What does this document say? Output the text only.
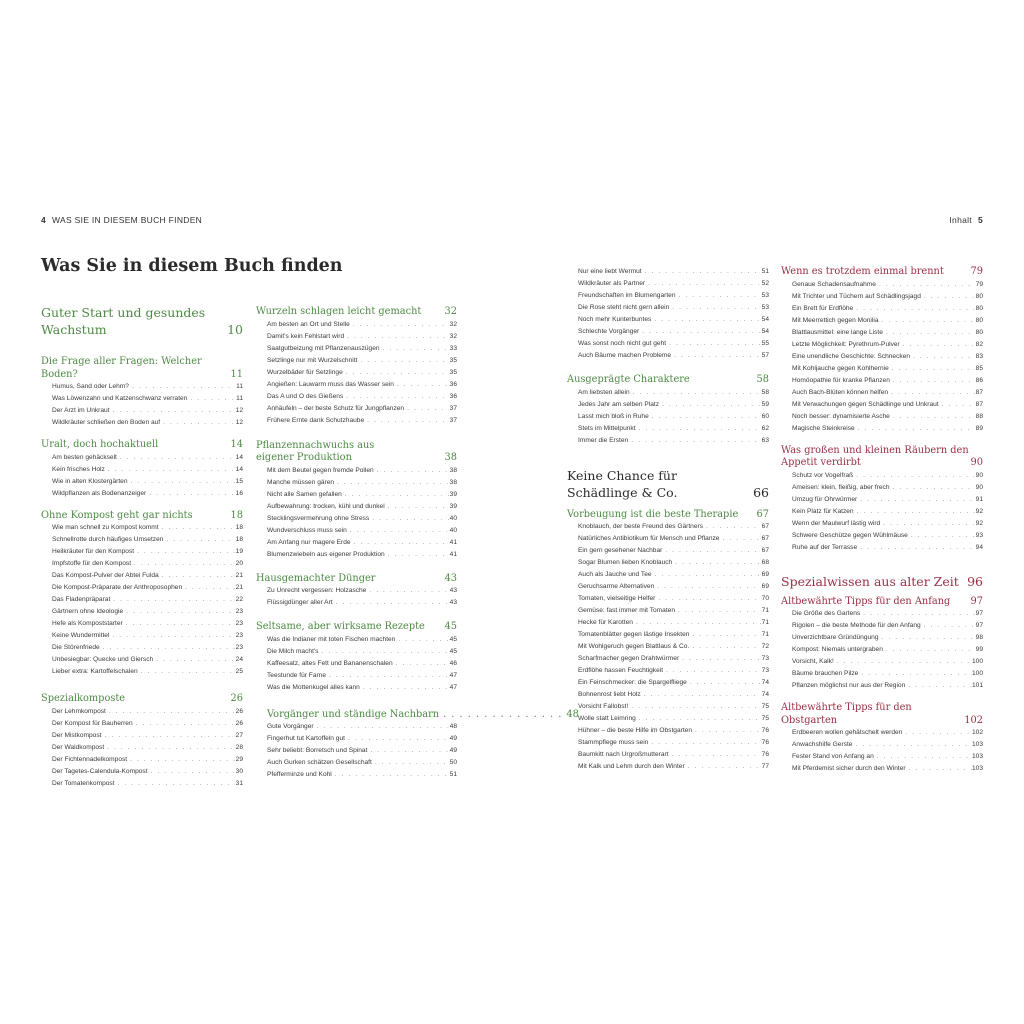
4 WAS SIE IN DIESEM BUCH FINDEN	Inhalt 5
Was Sie in diesem Buch finden
Guter Start und gesundes Wachstum	10
Die Frage aller Fragen: Welcher Boden?	11
Humus, Sand oder Lehm? . . .	11
Was Löwenzahn und Katzenschwanz verraten . . .	11
Der Arzt im Unkraut . . .	12
Wildkräuter schließen den Boden auf . . .	12
Uralt, doch hochaktuell	14
Am besten gehäckselt . . .	14
Kein frisches Holz . . .	14
Wie in alten Klostergärten . . .	15
Wildpflanzen als Bodenanzeiger . . .	16
Ohne Kompost geht gar nichts	18
Wie man schnell zu Kompost kommt . . .	18
Schnellrotte durch häufiges Umsetzen . . .	18
Heilkräuter für den Kompost . . .	19
Impfstoffe für den Kompost . . .	20
Das Kompost-Pulver der Abtei Fulda . . .	21
Die Kompost-Präparate der Anthroposophen . . .	21
Das Fladenpräparat . . .	22
Gärtnern ohne Ideologie . . .	23
Hefe als Kompoststarter . . .	23
Keine Wundermittel . . .	23
Die Störenfriede . . .	23
Unbesiegbar: Quecke und Giersch . . .	24
Lieber extra: Kartoffelschalen . . .	25
Spezialkomposte	26
Der Lehmkompost . . .	26
Der Kompost für Bauherren . . .	26
Der Mistkompost . . .	27
Der Waldkompost . . .	28
Der Fichtennadelkompost . . .	29
Der Tagetes-Calendula-Kompost . . .	30
Der Tomatenkompost . . .	31
Wurzeln schlagen leicht gemacht	32
Am besten an Ort und Stelle . . .	32
Damit's kein Fehlstart wird . . .	32
Saatgutbeizung mit Pflanzenauszügen . . .	33
Setzlinge nur mit Wurzelschnitt . . .	35
Wurzelbäder für Setzlinge . . .	35
Angießen: Lauwarm muss das Wasser sein . . .	36
Das A und O des Gießens . . .	36
Anhäufeln – der beste Schutz für Jungpflanzen . . .	37
Frühere Ernte dank Schutzhaube . . .	37
Pflanzennachwuchs aus eigener Produktion	38
Mit dem Beutel gegen fremde Pollen . . .	38
Manche müssen gären . . .	38
Nicht alle Samen gefallen . . .	39
Aufbewahrung: trocken, kühl und dunkel . . .	39
Stecklingsvermehrung ohne Stress . . .	40
Wundverschluss muss sein . . .	40
Am Anfang nur magere Erde . . .	41
Blumenzwiebeln aus eigener Produktion . . .	41
Hausgemachter Dünger	43
Zu Unrecht vergessen: Holzasche . . .	43
Flüssigdünger aller Art . . .	43
Seltsame, aber wirksame Rezepte	45
Was die Indianer mit toten Fischen machten . . .	45
Die Milch macht's . . .	45
Kaffeesatz, altes Fett und Bananenschalen . . .	46
Teestunde für Farne . . .	47
Was die Mottenkugel alles kann . . .	47
Vorgänger und ständige Nachbarn . . . . . . . . . . . . . . . 48
Gute Vorgänger . . .	48
Fingerhut tut Kartoffeln gut . . .	49
Sehr beliebt: Borretsch und Spinat . . .	49
Auch Gurken schätzen Gesellschaft . . .	50
Pfefferminze und Kohl . . .	51
Nur eine liebt Wermut . . .	51
Wildkräuter als Partner . . .	52
Freundschaften im Blumengarten . . .	53
Die Rose steht nicht gern allein . . .	53
Noch mehr Kunterbuntes . . .	54
Schlechte Vorgänger . . .	54
Was sonst noch nicht gut geht . . .	55
Auch Bäume machen Probleme . . .	57
Ausgeprägte Charaktere	58
Am liebsten allein . . .	58
Jedes Jahr am selben Platz . . .	59
Lasst mich bloß in Ruhe . . .	60
Stets im Mittelpunkt . . .	62
Immer die Ersten . . .	63
Keine Chance für Schädlinge & Co.	66
Vorbeugung ist die beste Therapie	67
Knoblauch, der beste Freund des Gärtners . . .	67
Natürliches Antibiotikum für Mensch und Pflanze . . .	67
Ein gern gesehener Nachbar . . .	67
Sogar Blumen lieben Knoblauch . . .	68
Auch als Jauche und Tee . . .	69
Geruchsarme Alternativen . . .	69
Tomaten, vielseitige Helfer . . .	70
Gemüse: fast immer mit Tomaten . . .	71
Hecke für Karotten . . .	71
Tomatenblätter gegen lästige Insekten . . .	71
Mit Wohlgeruch gegen Blattlaus & Co. . . .	72
Scharfmacher gegen Drahtwürmer . . .	73
Erdflöhe hassen Feuchtigkeit . . .	73
Ein Feinschmecker: die Spargelfliege . . .	74
Bohnenrost liebt Holz . . .	74
Vorsicht Fallobst! . . .	75
Wolle statt Leimring . . .	75
Hühner – die beste Hilfe im Obstgarten . . .	76
Stammpflege muss sein . . .	76
Baumkitt nach Urgroßmutterart . . .	76
Mit Kalk und Lehm durch den Winter . . .	77
Wenn es trotzdem einmal brennt	79
Genaue Schadensaufnahme . . .	79
Mit Trichter und Tüchern auf Schädlingsjagd . . .	80
Ein Brett für Erdflöhe . . .	80
Mit Meerrettich gegen Monilia . . .	80
Blattlausmittel: eine lange Liste . . .	80
Letzte Möglichkeit: Pyrethrum-Pulver . . .	82
Eine unendliche Geschichte: Schnecken . . .	83
Mit Kohljauche gegen Kohlhernie . . .	85
Homöopathie für kranke Pflanzen . . .	86
Auch Bach-Blüten können helfen . . .	87
Mit Verwachungen gegen Schädlinge und Unkraut . . .	87
Noch besser: dynamisierte Asche . . .	88
Magische Steinkreise . . .	89
Was großen und kleinen Räubern den Appetit verdirbt	90
Schutz vor Vogelfraß . . .	90
Ameisen: klein, fleißig, aber frech . . .	90
Umzug für Ohrwürmer . . .	91
Kein Platz für Katzen . . .	92
Wenn der Maulwurf lästig wird . . .	92
Schwere Geschütze gegen Wühlmäuse . . .	93
Ruhe auf der Terrasse . . .	94
Spezialwissen aus alter Zeit 96
Altbewährte Tipps für den Anfang	97
Die Größe des Gartens . . .	97
Rigolen – die beste Methode für den Anfang . . .	97
Unverzichtbare Gründüngung . . .	98
Kompost: Niemals untergraben . . .	99
Vorsicht, Kalk! . . .	100
Bäume brauchen Pilze . . .	100
Pflanzen möglichst nur aus der Region . . .	101
Altbewährte Tipps für den Obstgarten	102
Erdbeeren wollen gehätschelt werden . . .	102
Anwachshilfe Gerste . . .	103
Fester Stand von Anfang an . . .	103
Mit Pferdemist sicher durch den Winter . . .	103
